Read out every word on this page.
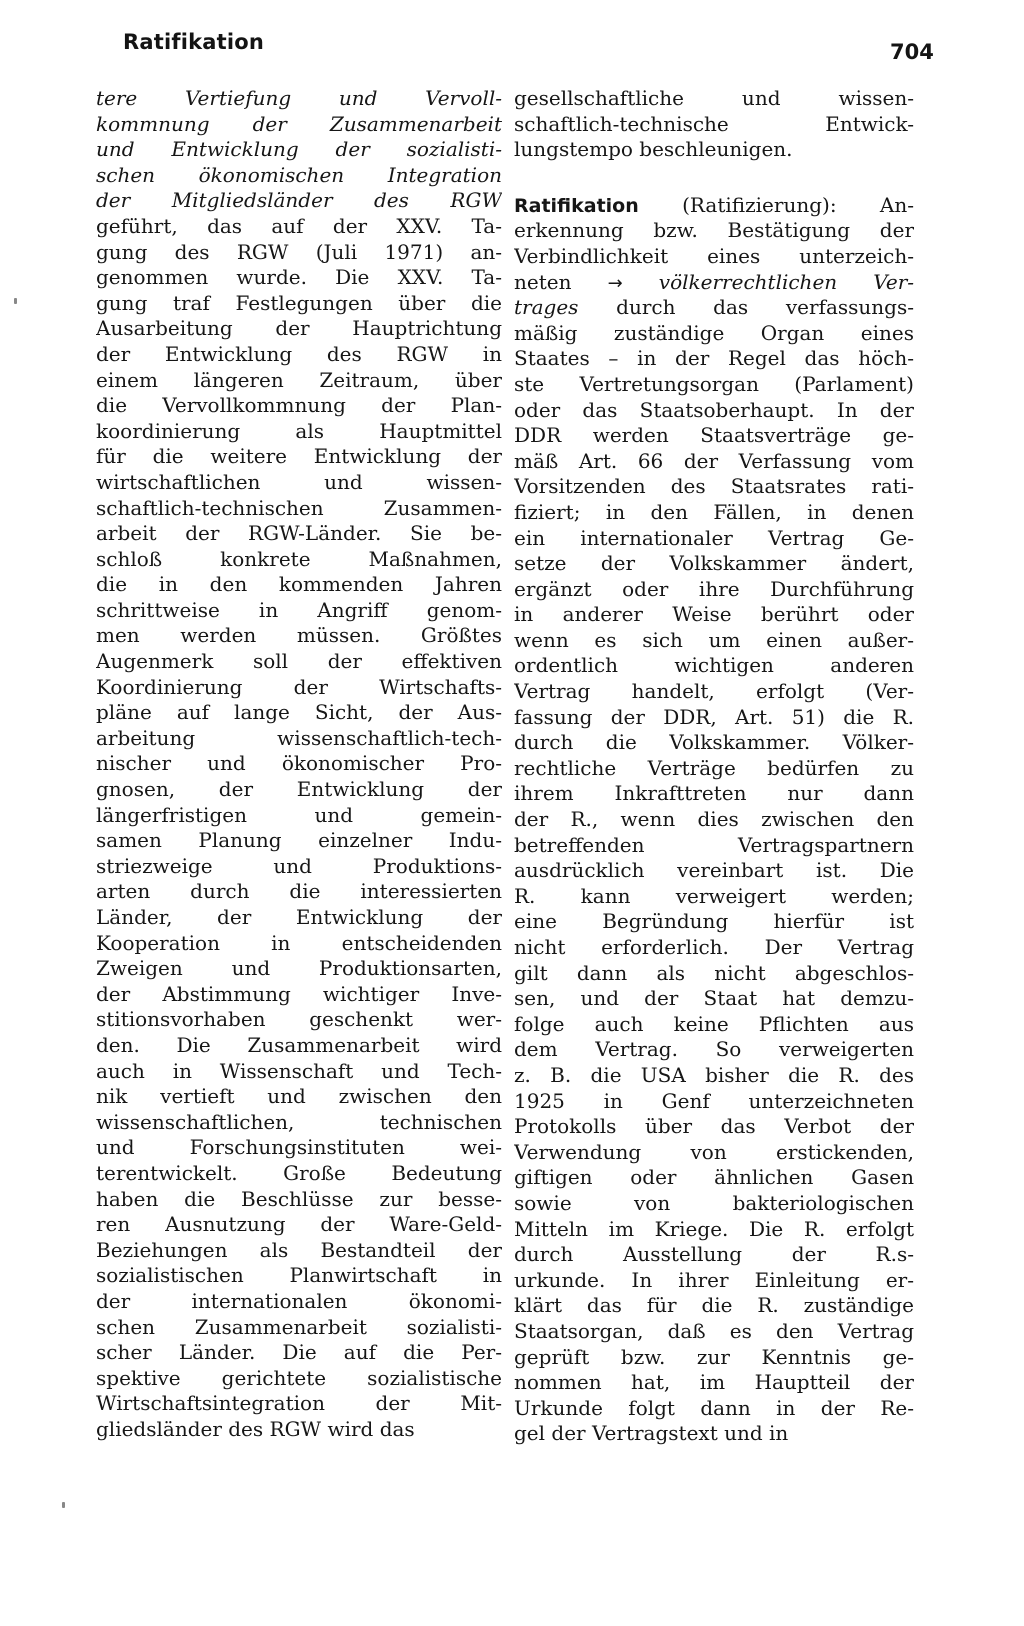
Ratifikation	704
tere Vertiefung und Vervoll-
kommnung der Zusammenarbeit
und Entwicklung der sozialisti-
schen ökonomischen Integration
der Mitgliedsländer des RGW
geführt, das auf der XXV. Ta-
gung des RGW (Juli 1971) an-
genommen wurde. Die XXV. Ta-
gung traf Festlegungen über die
Ausarbeitung der Hauptrichtung
der Entwicklung des RGW in
einem längeren Zeitraum, über
die Vervollkommnung der Plan-
koordinierung als Hauptmittel
für die weitere Entwicklung der
wirtschaftlichen und wissen-
schaftlich-technischen Zusammen-
arbeit der RGW-Länder. Sie be-
schloß konkrete Maßnahmen,
die in den kommenden Jahren
schrittweise in Angriff genom-
men werden müssen. Größtes
Augenmerk soll der effektiven
Koordinierung der Wirtschafts-
pläne auf lange Sicht, der Aus-
arbeitung wissenschaftlich-tech-
nischer und ökonomischer Pro-
gnosen, der Entwicklung der
längerfristigen und gemein-
samen Planung einzelner Indu-
striezweige und Produktions-
arten durch die interessierten
Länder, der Entwicklung der
Kooperation in entscheidenden
Zweigen und Produktionsarten,
der Abstimmung wichtiger Inve-
stitionsvorhaben geschenkt wer-
den. Die Zusammenarbeit wird
auch in Wissenschaft und Tech-
nik vertieft und zwischen den
wissenschaftlichen, technischen
und Forschungsinstituten wei-
terentwickelt. Große Bedeutung
haben die Beschlüsse zur besse-
ren Ausnutzung der Ware-Geld-
Beziehungen als Bestandteil der
sozialistischen Planwirtschaft in
der internationalen ökonomi-
schen Zusammenarbeit sozialisti-
scher Länder. Die auf die Per-
spektive gerichtete sozialistische
Wirtschaftsintegration der Mit-
gliedsländer des RGW wird das
gesellschaftliche und wissen-
schaftlich-technische Entwick-
lungstempo beschleunigen.
Ratifikation (Ratifizierung): An-
erkennung bzw. Bestätigung der
Verbindlichkeit eines unterzeich-
neten → völkerrechtlichen Ver-
trages durch das verfassungs-
mäßig zuständige Organ eines
Staates – in der Regel das höch-
ste Vertretungsorgan (Parlament)
oder das Staatsoberhaupt. In der
DDR werden Staatsverträge ge-
mäß Art. 66 der Verfassung vom
Vorsitzenden des Staatsrates rati-
fiziert; in den Fällen, in denen
ein internationaler Vertrag Ge-
setze der Volkskammer ändert,
ergänzt oder ihre Durchführung
in anderer Weise berührt oder
wenn es sich um einen außer-
ordentlich wichtigen anderen
Vertrag handelt, erfolgt (Ver-
fassung der DDR, Art. 51) die R.
durch die Volkskammer. Völker-
rechtliche Verträge bedürfen zu
ihrem Inkrafttreten nur dann
der R., wenn dies zwischen den
betreffenden Vertragspartnern
ausdrücklich vereinbart ist. Die
R. kann verweigert werden;
eine Begründung hierfür ist
nicht erforderlich. Der Vertrag
gilt dann als nicht abgeschlos-
sen, und der Staat hat demzu-
folge auch keine Pflichten aus
dem Vertrag. So verweigerten
z. B. die USA bisher die R. des
1925 in Genf unterzeichneten
Protokolls über das Verbot der
Verwendung von erstickenden,
giftigen oder ähnlichen Gasen
sowie von bakteriologischen
Mitteln im Kriege. Die R. erfolgt
durch Ausstellung der R.s-
urkunde. In ihrer Einleitung er-
klärt das für die R. zuständige
Staatsorgan, daß es den Vertrag
geprüft bzw. zur Kenntnis ge-
nommen hat, im Hauptteil der
Urkunde folgt dann in der Re-
gel der Vertragstext und in
